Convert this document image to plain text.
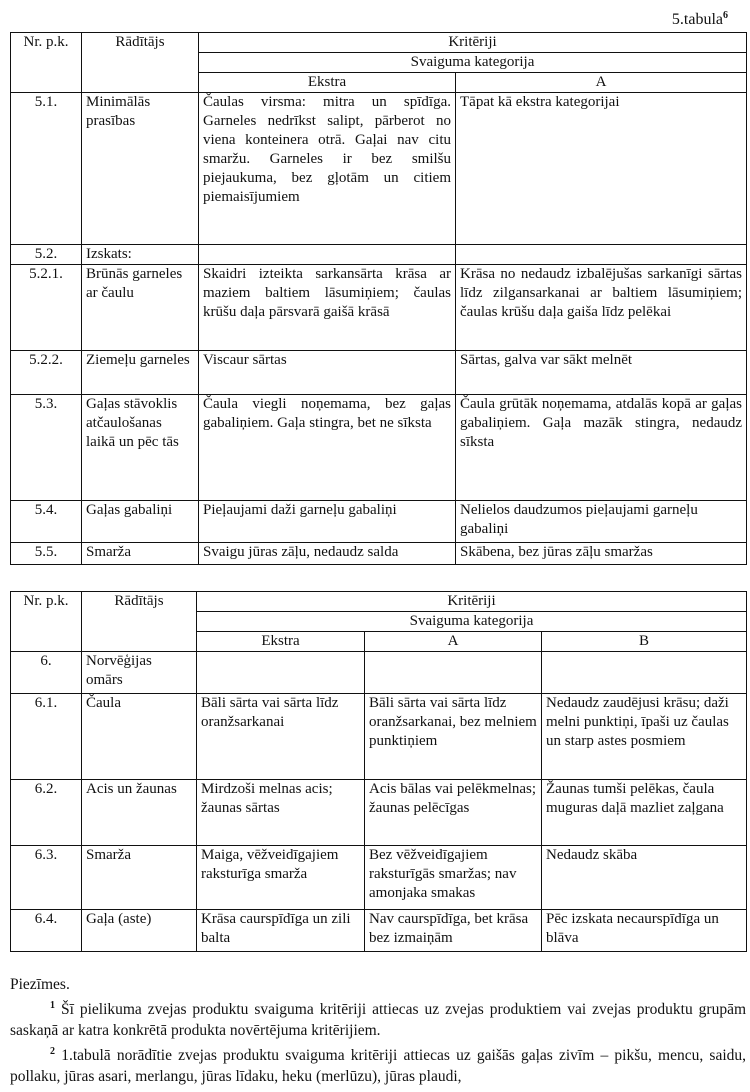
5.tabula$^6$
Nr. p.k.	Rādītājs	Kritēriji	
		Svaiguma kategorija	
		Ekstra	A
5.1.	Minimālās prasības	Čaulas virsma: mitra un spīdīga. Garneles nedrīkst salipt, pārberot no viena konteinera otrā. Gaļai nav citu smaržu. Garneles ir bez smilšu piejaukuma, bez gļotām un citiem piemaisījumiem	Tāpat kā ekstra kategorijai
5.2.	Izskats:		
5.2.1.	Brūnās garneles ar čaulu	Skaidri izteikta sarkansārta krāsa ar maziem baltiem lāsumiņiem; čaulas krūšu daļa pārsvarā gaišā krāsā	Krāsa no nedaudz izbalējušas sarkanīgi sārtas līdz zilgansarkanai ar baltiem lāsumiņiem; čaulas krūšu daļa gaiša līdz pelēkai
5.2.2.	Ziemeļu garneles	Viscaur sārtas	Sārtas, galva var sākt melnēt
5.3.	Gaļas stāvoklis atčaulošanas laikā un pēc tās	Čaula viegli noņemama, bez gaļas gabaliņiem. Gaļa stingra, bet ne sīksta	Čaula grūtāk noņemama, atdalās kopā ar gaļas gabaliņiem. Gaļa mazāk stingra, nedaudz sīksta
5.4.	Gaļas gabaliņi	Pieļaujami daži garneļu gabaliņi	Nelielos daudzumos pieļaujami garneļu gabaliņi
5.5.	Smarža	Svaigu jūras zāļu, nedaudz salda	Skābena, bez jūras zāļu smaržas
Nr. p.k.	Rādītājs	Kritēriji		
		Svaiguma kategorija		
		Ekstra	A	B
6.	Norvēģijas omārs			
6.1.	Čaula	Bāli sārta vai sārta līdz oranžsarkanai	Bāli sārta vai sārta līdz oranžsarkanai, bez melniem punktiņiem	Nedaudz zaudējusi krāsu; daži melni punktiņi, īpaši uz čaulas un starp astes posmiem
6.2.	Acis un žaunas	Mirdzoši melnas acis; žaunas sārtas	Acis bālas vai pelēkmelnas; žaunas pelēcīgas	Žaunas tumši pelēkas, čaula muguras daļā mazliet zaļgana
6.3.	Smarža	Maiga, vēžveidīgajiem raksturīga smarža	Bez vēžveidīgajiem raksturīgās smaržas; nav amonjaka smakas	Nedaudz skāba
6.4.	Gaļa (aste)	Krāsa caurspīdīga un zili balta	Nav caurspīdīga, bet krāsa bez izmaiņām	Pēc izskata necaurspīdīga un blāva

Piezīmes.

$^1$ Šī pielikuma zvejas produktu svaiguma kritēriji attiecas uz zvejas produktiem vai zvejas produktu grupām saskaņā ar katra konkrētā produkta novērtējuma kritērijiem.

$^2$ 1.tabulā norādītie zvejas produktu svaiguma kritēriji attiecas uz gaišās gaļas zivīm – pikšu, mencu, saidu, pollaku, jūras asari, merlangu, jūras līdaku, heku (merlūzu), jūras plaudi,
